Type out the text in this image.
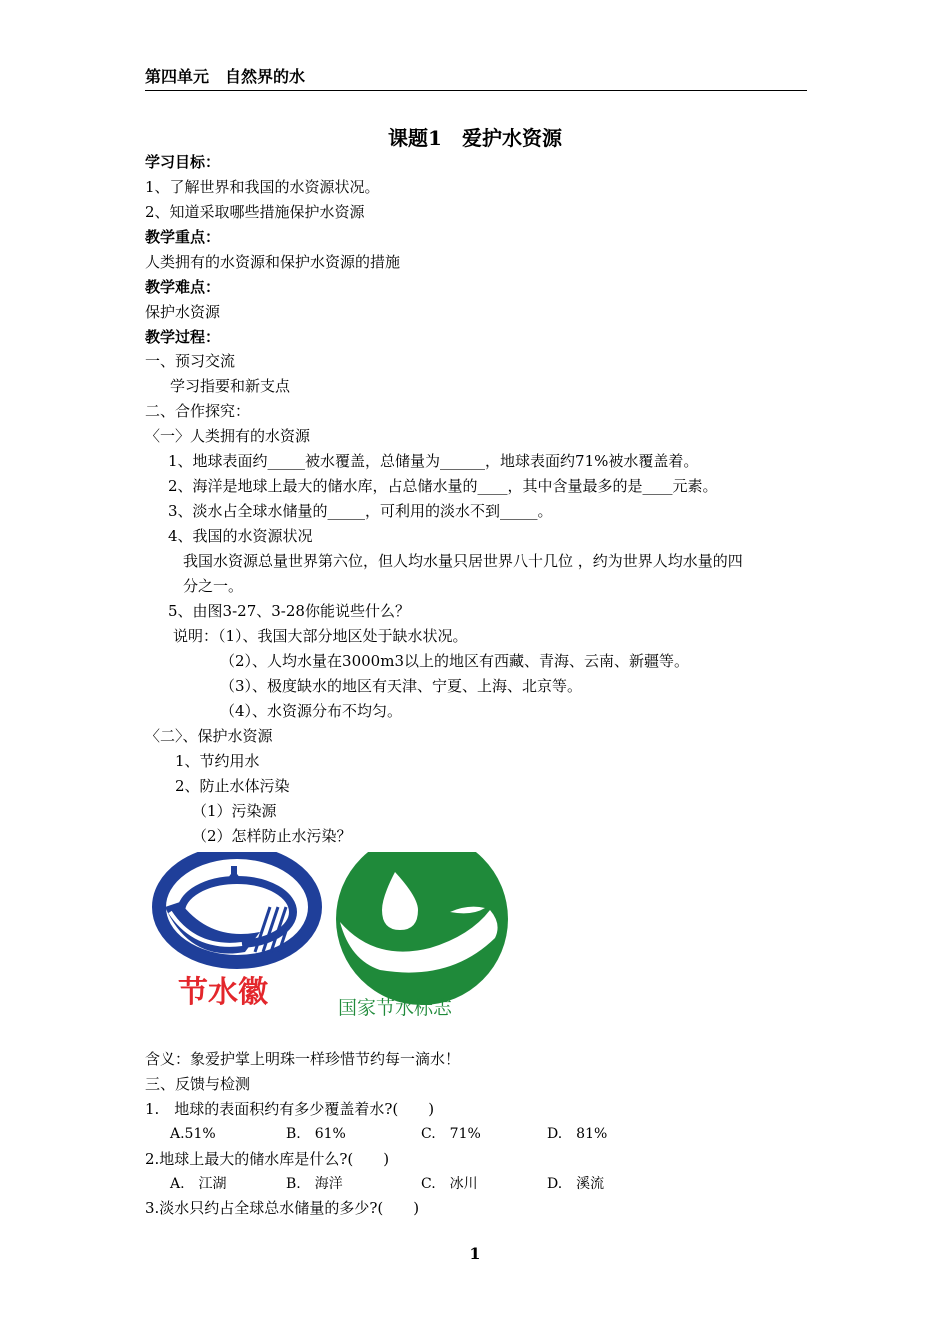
第四单元　自然界的水
课题1　爱护水资源
学习目标：
1、了解世界和我国的水资源状况。
2、知道采取哪些措施保护水资源
教学重点：
人类拥有的水资源和保护水资源的措施
教学难点：
保护水资源
教学过程：
一、预习交流
学习指要和新支点
二、合作探究：
〈一〉人类拥有的水资源
1、地球表面约_____被水覆盖，总储量为______，地球表面约71%被水覆盖着。
2、海洋是地球上最大的储水库，占总储水量的____，其中含量最多的是____元素。
3、淡水占全球水储量的_____，可利用的淡水不到_____。
4、我国的水资源状况
我国水资源总量世界第六位，但人均水量只居世界八十几位 ，约为世界人均水量的四
分之一。
5、由图3-27、3-28你能说些什么？
说明：（1）、我国大部分地区处于缺水状况。
（2）、人均水量在3000m3以上的地区有西藏、青海、云南、新疆等。
（3）、极度缺水的地区有天津、宁夏、上海、北京等。
（4）、水资源分布不均匀。
〈二〉、保护水资源
1、节约用水
2、防止水体污染
（1）污染源
（2）怎样防止水污染？
节水徽	国家节水标志
含义：象爱护掌上明珠一样珍惜节约每一滴水！
三、反馈与检测
1.　地球的表面积约有多少覆盖着水?(　　)
A.51%	B.　61%	C.　71%	D.　81%
2.地球上最大的储水库是什么?(　　)
A.　江湖	B.　海洋	C.　冰川	D.　溪流
3.淡水只约占全球总水储量的多少?(　　)
1
